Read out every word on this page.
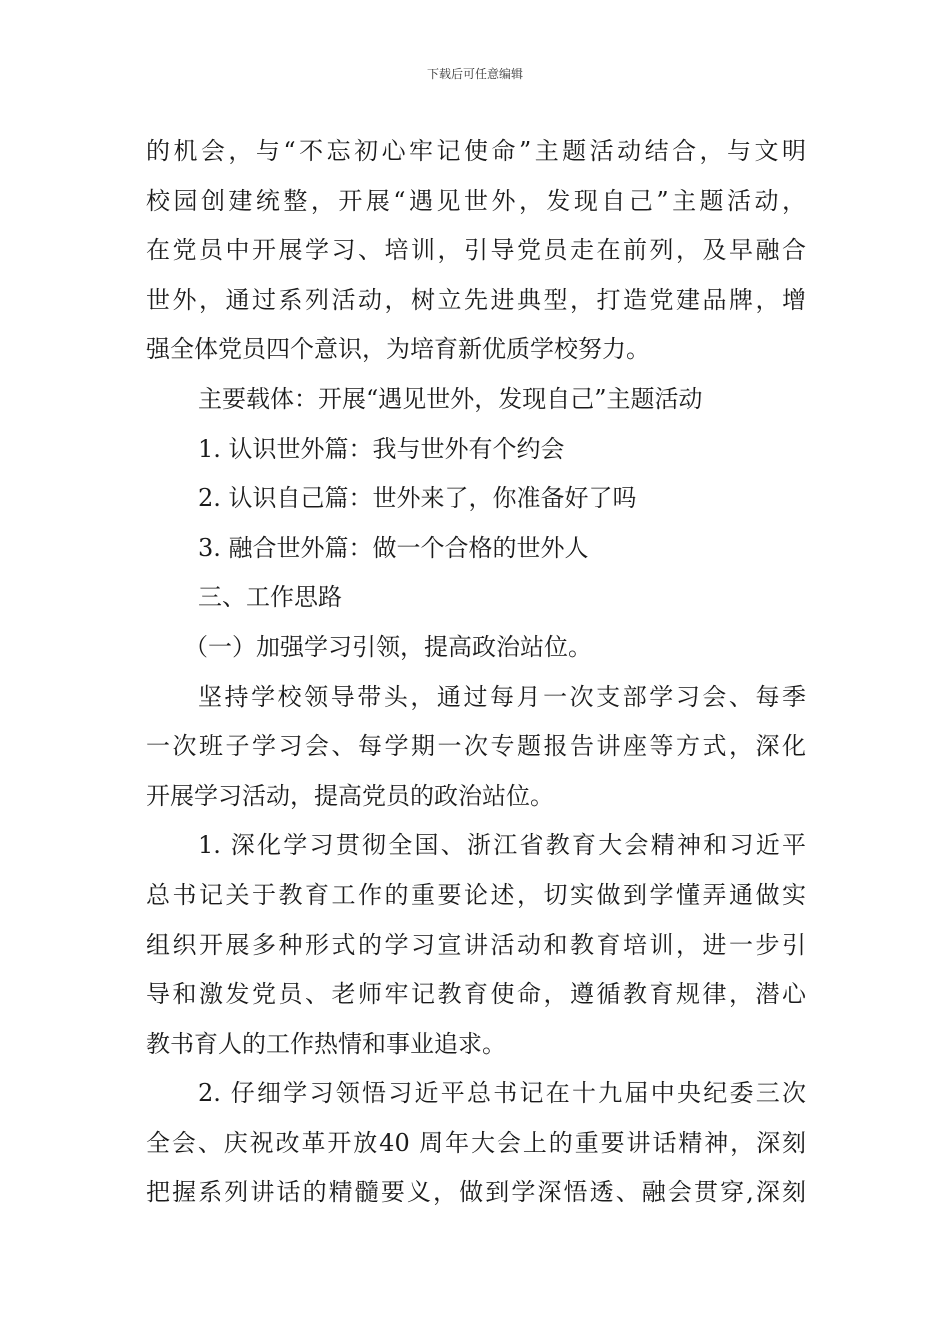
下载后可任意编辑
的机会，与“不忘初心牢记使命”主题活动结合，与文明
校园创建统整，开展“遇见世外，发现自己”主题活动，
在党员中开展学习、培训，引导党员走在前列，及早融合
世外，通过系列活动，树立先进典型，打造党建品牌，增
强全体党员四个意识，为培育新优质学校努力。
主要载体：开展“遇见世外，发现自己”主题活动
1. 认识世外篇：我与世外有个约会
2. 认识自己篇：世外来了，你准备好了吗
3. 融合世外篇：做一个合格的世外人
三、工作思路
（一）加强学习引领，提高政治站位。
坚持学校领导带头，通过每月一次支部学习会、每季
一次班子学习会、每学期一次专题报告讲座等方式，深化
开展学习活动，提高党员的政治站位。
1. 深化学习贯彻全国、浙江省教育大会精神和习近平
总书记关于教育工作的重要论述，切实做到学懂弄通做实
组织开展多种形式的学习宣讲活动和教育培训，进一步引
导和激发党员、老师牢记教育使命，遵循教育规律，潜心
教书育人的工作热情和事业追求。
2. 仔细学习领悟习近平总书记在十九届中央纪委三次
全会、庆祝改革开放40 周年大会上的重要讲话精神，深刻
把握系列讲话的精髓要义，做到学深悟透、融会贯穿,深刻
